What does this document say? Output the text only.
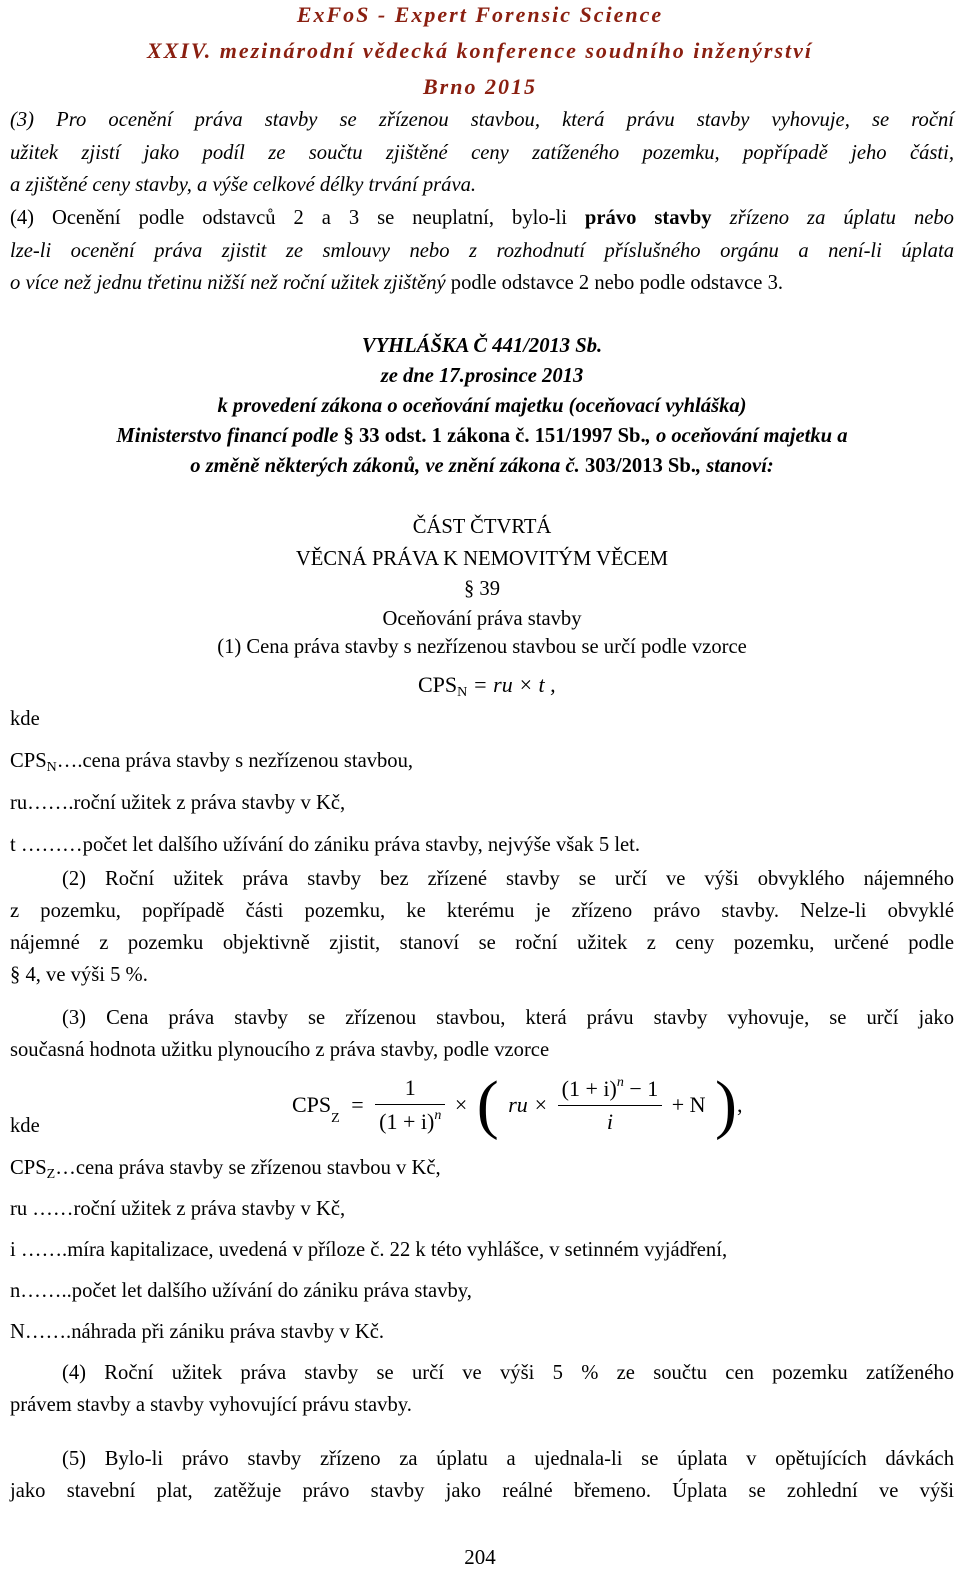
ExFoS - Expert Forensic Science
XXIV. mezinárodní vědecká konference soudního inženýrství
Brno 2015
(3) Pro ocenění práva stavby se zřízenou stavbou, která právu stavby vyhovuje, se roční
užitek zjistí jako podíl ze součtu zjištěné ceny zatíženého pozemku, popřípadě jeho části,
a zjištěné ceny stavby, a výše celkové délky trvání práva.
(4) Ocenění podle odstavců 2 a 3 se neuplatní, bylo-li právo stavby zřízeno za úplatu nebo
lze-li ocenění práva zjistit ze smlouvy nebo z rozhodnutí příslušného orgánu a není-li úplata
o více než jednu třetinu nižší než roční užitek zjištěný podle odstavce 2 nebo podle odstavce 3.
VYHLÁŠKA Č 441/2013 Sb.
ze dne 17.prosince 2013
k provedení zákona o oceňování majetku (oceňovací vyhláška)
Ministerstvo financí podle § 33 odst. 1 zákona č. 151/1997 Sb., o oceňování majetku a
o změně některých zákonů, ve znění zákona č. 303/2013 Sb., stanoví:
ČÁST ČTVRTÁ
VĚCNÁ PRÁVA K NEMOVITÝM VĚCEM
§ 39
Oceňování práva stavby
(1) Cena práva stavby s nezřízenou stavbou se určí podle vzorce
$CPS_N$ = ru × t ,
kde
$CPS_N\dots.cena$ práva stavby s nezřízenou stavbou,
ru…….roční užitek z práva stavby v Kč,
t ………počet let dalšího užívání do zániku práva stavby, nejvýše však 5 let.
(2) Roční užitek práva stavby bez zřízené stavby se určí ve výši obvyklého nájemného
z pozemku, popřípadě části pozemku, ke kterému je zřízeno právo stavby. Nelze-li obvyklé
nájemné z pozemku objektivně zjistit, stanoví se roční užitek z ceny pozemku, určené podle
§ 4, ve výši 5 %.
(3) Cena práva stavby se zřízenou stavbou, která právu stavby vyhovuje, se určí jako
současná hodnota užitku plynoucího z práva stavby, podle vzorce
$CPS_Z = \frac{1}{(1 + i)^n}$ × ( ru × $\frac{(1 + i)^n - 1}{i} + N$ ),
kde
$CPS_Z\dots cena$ práva stavby se zřízenou stavbou v Kč,
ru ……roční užitek z práva stavby v Kč,
i …….míra kapitalizace, uvedená v příloze č. 22 k této vyhlášce, v setinném vyjádření,
n……..počet let dalšího užívání do zániku práva stavby,
N…….náhrada při zániku práva stavby v Kč.
(4) Roční užitek práva stavby se určí ve výši 5 % ze součtu cen pozemku zatíženého
právem stavby a stavby vyhovující právu stavby.
(5) Bylo-li právo stavby zřízeno za úplatu a ujednala-li se úplata v opětujících dávkách
jako stavební plat, zatěžuje právo stavby jako reálné břemeno. Úplata se zohlední ve výši
204
